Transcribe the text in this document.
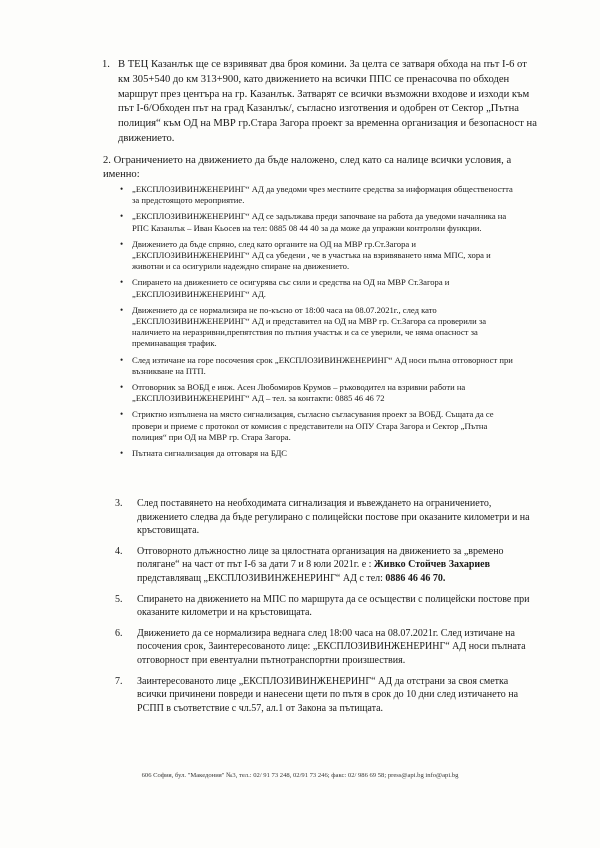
1. В ТЕЦ Казанлък ще се взривяват два броя комини. За целта се затваря обхода на път I-6 от км 305+540 до км 313+900, като движението на всички ППС се пренасочва по обходен маршрут през центъра на гр. Казанлък. Затварят се всички възможни входове и изходи към път I-6/Обходен път на град Казанлък/, съгласно изготвения и одобрен от Сектор „Пътна полиция“ към ОД на МВР гр.Стара Загора проект за временна организация и безопасност на движението.
2. Ограничението на движението да бъде наложено, след като са налице всички условия, а именно:
• „ЕКСПЛОЗИВИНЖЕНЕРИНГ“ АД да уведоми чрез местните средства за информация обществеността за предстоящото мероприятие.
• „ЕКСПЛОЗИВИНЖЕНЕРИНГ“ АД се задължава преди започване на работа да уведоми началника на РПС Казанлък – Иван Кьосев на тел: 0885 08 44 40 за да може да упражни контролни функции.
• Движението да бъде спряно, след като органите на ОД на МВР гр.Ст.Загора и „ЕКСПЛОЗИВИНЖЕНЕРИНГ“ АД са убедени , че в участъка на взривяването няма МПС, хора и животни и са осигурили надеждно спиране на движението.
• Спирането на движението се осигурява със сили и средства на ОД на МВР Ст.Загора и „ЕКСПЛОЗИВИНЖЕНЕРИНГ“ АД.
• Движението да се нормализира не по-късно от 18:00 часа на 08.07.2021г., след като „ЕКСПЛОЗИВИНЖЕНЕРИНГ“ АД и представител на ОД на МВР гр. Ст.Загора са проверили за наличието на неразривни,препятствия по пътния участък и са се уверили, че няма опасност за преминаващия трафик.
• След изтичане на горе посочения срок „ЕКСПЛОЗИВИНЖЕНЕРИНГ“ АД носи пълна отговорност при възникване на ПТП.
• Отговорник за ВОБД е инж. Асен Любомиров Крумов – ръководител на взривни работи на „ЕКСПЛОЗИВИНЖЕНЕРИНГ“ АД – тел. за контакти: 0885 46 46 72
• Стриктно изпълнена на място сигнализация, съгласно съгласувания проект за ВОБД. Същата да се провери и приеме с протокол от комисия с представители на ОПУ Стара Загора и Сектор „Пътна полиция“ при ОД на МВР гр. Стара Загора.
• Пътната сигнализация да отговаря на БДС
3. След поставянето на необходимата сигнализация и въвеждането на ограничението, движението следва да бъде регулирано с полицейски постове при оказаните километри и на кръстовищата.
4. Отговорното длъжностно лице за цялостната организация на движението за „времено полягане“ на част от път I-6 за дати 7 и 8 юли 2021г. е : Живко Стойчев Захариев представляващ „ЕКСПЛОЗИВИНЖЕНЕРИНГ“ АД с тел: 0886 46 46 70.
5. Спирането на движението на МПС по маршрута да се осъществи с полицейски постове при оказаните километри и на кръстовищата.
6. Движението да се нормализира веднага след 18:00 часа на 08.07.2021г. След изтичане на посочения срок, Заинтересованото лице: „ЕКСПЛОЗИВИНЖЕНЕРИНГ“ АД носи пълната отговорност при евентуални пътнотранспортни произшествия.
7. Заинтересованото лице „ЕКСПЛОЗИВИНЖЕНЕРИНГ“ АД да отстрани за своя сметка всички причинени повреди и нанесени щети по пътя в срок до 10 дни след изтичането на РСПП в съответствие с чл.57, ал.1 от Закона за пътищата.
606 София, бул. "Македония" №3, тел.: 02/ 91 73 248, 02/91 73 246; факс: 02/ 986 69 58; press@api.bg info@api.bg
